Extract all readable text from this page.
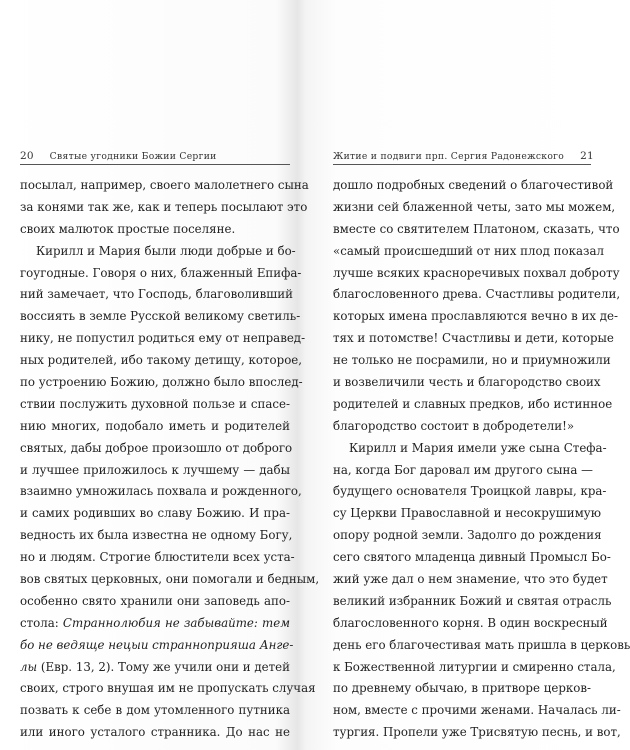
20 Святые угодники Божии Сергии
посылал, например, своего малолетнего сына
за конями так же, как и теперь посылают это
своих малюток простые поселяне.
Кирилл и Мария были люди добрые и бо-
гоугодные. Говоря о них, блаженный Епифа-
ний замечает, что Господь, благоволивший
воссиять в земле Русской великому светиль-
нику, не попустил родиться ему от неправед-
ных родителей, ибо такому детищу, которое,
по устроению Божию, должно было впослед-
ствии послужить духовной пользе и спасе-
нию многих, подобало иметь и родителей
святых, дабы доброе произошло от доброго
и лучшее приложилось к лучшему — дабы
взаимно умножилась похвала и рожденного,
и самих родивших во славу Божию. И пра-
ведность их была известна не одному Богу,
но и людям. Строгие блюстители всех уста-
вов святых церковных, они помогали и бедным,
особенно свято хранили они заповедь апо-
стола: Страннолюбия не забывайте: тем
бо не ведяще нецыи странноприяша Анге-
лы (Евр. 13, 2). Тому же учили они и детей
своих, строго внушая им не пропускать случая
позвать к себе в дом утомленного путника
или иного усталого странника. До нас не
Житие и подвиги прп. Сергия Радонежского 21
дошло подробных сведений о благочестивой
жизни сей блаженной четы, зато мы можем,
вместе со святителем Платоном, сказать, что
«самый происшедший от них плод показал
лучше всяких красноречивых похвал доброту
благословенного древа. Счастливы родители,
которых имена прославляются вечно в их де-
тях и потомстве! Счастливы и дети, которые
не только не посрамили, но и приумножили
и возвеличили честь и благородство своих
родителей и славных предков, ибо истинное
благородство состоит в добродетели!»
Кирилл и Мария имели уже сына Стефа-
на, когда Бог даровал им другого сына —
будущего основателя Троицкой лавры, кра-
су Церкви Православной и несокрушимую
опору родной земли. Задолго до рождения
сего святого младенца дивный Промысл Бо-
жий уже дал о нем знамение, что это будет
великий избранник Божий и святая отрасль
благословенного корня. В один воскресный
день его благочестивая мать пришла в церковь
к Божественной литургии и смиренно стала,
по древнему обычаю, в притворе церков-
ном, вместе с прочими женами. Началась ли-
тургия. Пропели уже Трисвятую песнь, и вот,
